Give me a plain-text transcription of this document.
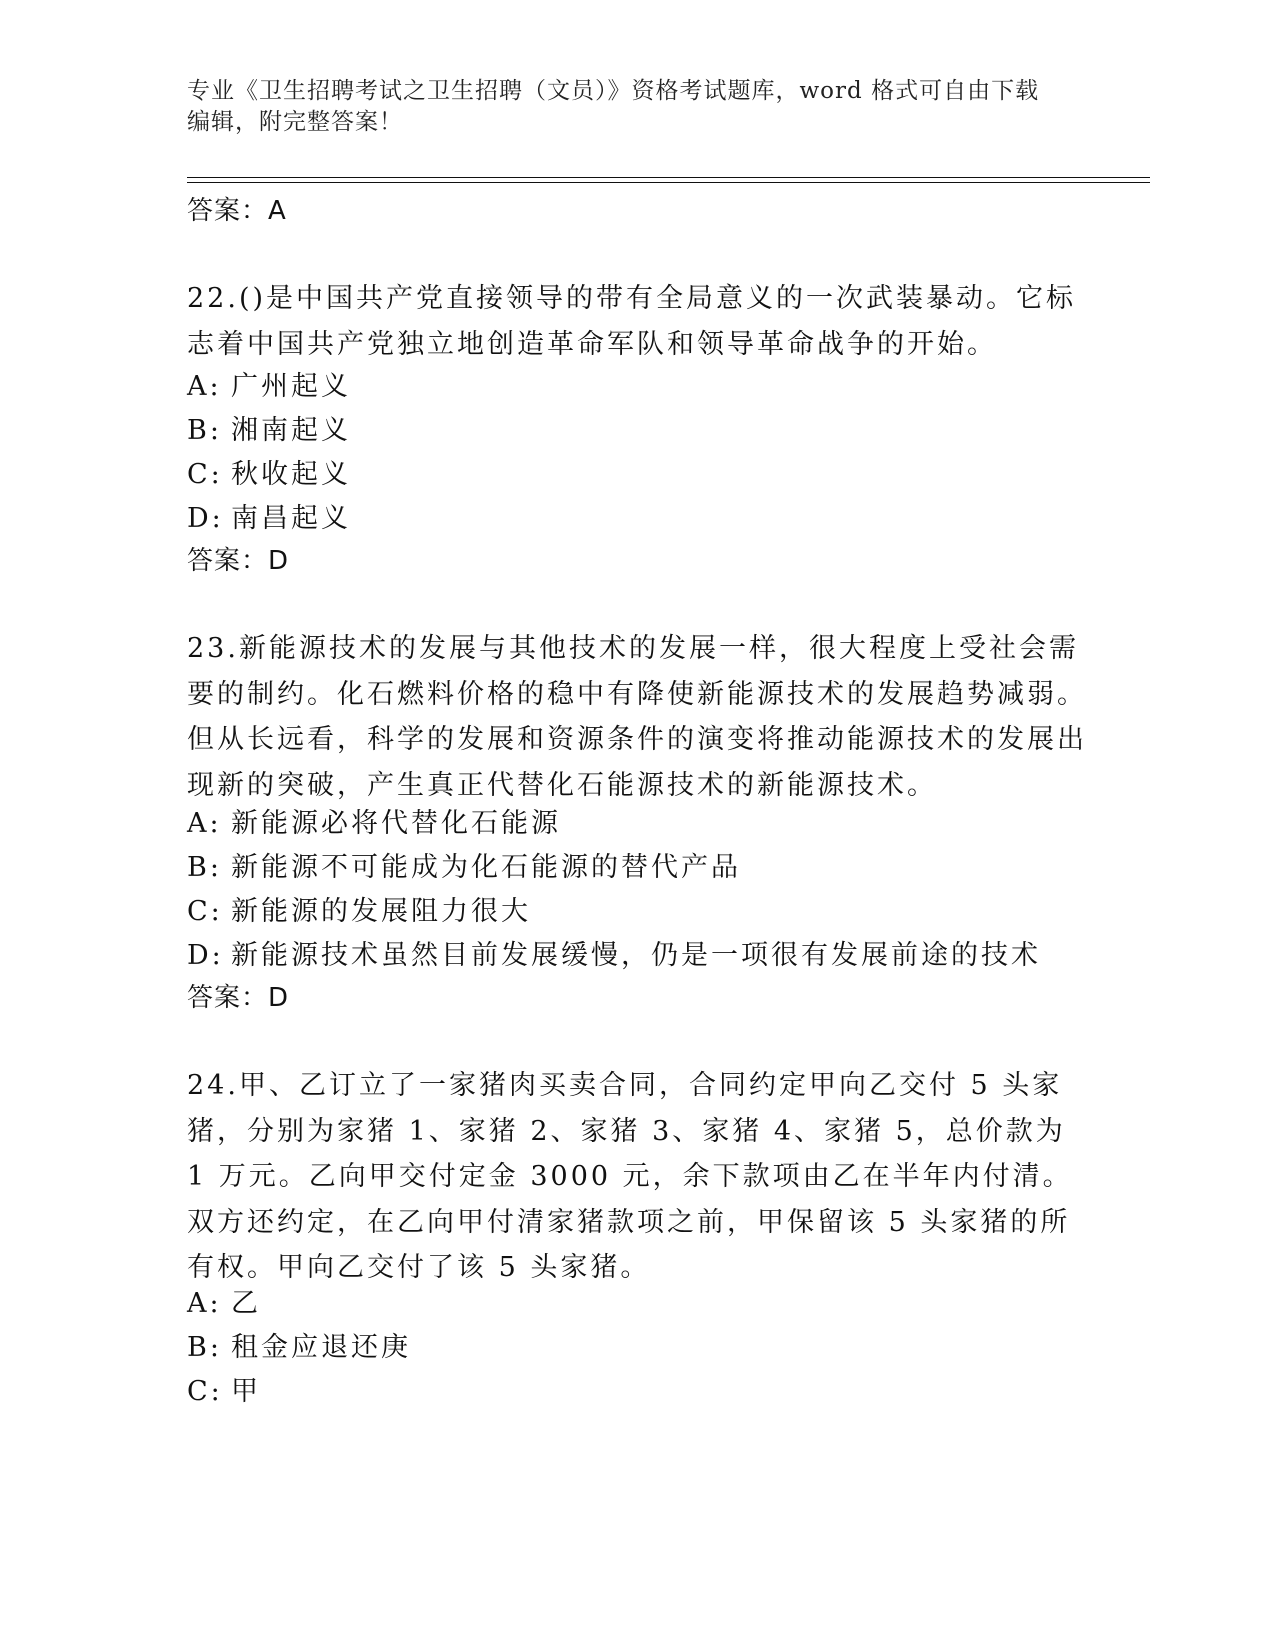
专业《卫生招聘考试之卫生招聘（文员）》资格考试题库，word 格式可自由下载
编辑，附完整答案！
答案：A
22.()是中国共产党直接领导的带有全局意义的一次武装暴动。它标志着中国共产党独立地创造革命军队和领导革命战争的开始。
A: 广州起义
B: 湘南起义
C: 秋收起义
D: 南昌起义
答案：D
23.新能源技术的发展与其他技术的发展一样，很大程度上受社会需要的制约。化石燃料价格的稳中有降使新能源技术的发展趋势减弱。但从长远看，科学的发展和资源条件的演变将推动能源技术的发展出现新的突破，产生真正代替化石能源技术的新能源技术。
A: 新能源必将代替化石能源
B: 新能源不可能成为化石能源的替代产品
C: 新能源的发展阻力很大
D: 新能源技术虽然目前发展缓慢，仍是一项很有发展前途的技术
答案：D
24.甲、乙订立了一家猪肉买卖合同，合同约定甲向乙交付 5 头家猪，分别为家猪 1、家猪 2、家猪 3、家猪 4、家猪 5，总价款为 1 万元。乙向甲交付定金 3000 元，余下款项由乙在半年内付清。双方还约定，在乙向甲付清家猪款项之前，甲保留该 5 头家猪的所有权。甲向乙交付了该 5 头家猪。
A: 乙
B: 租金应退还庚
C: 甲
